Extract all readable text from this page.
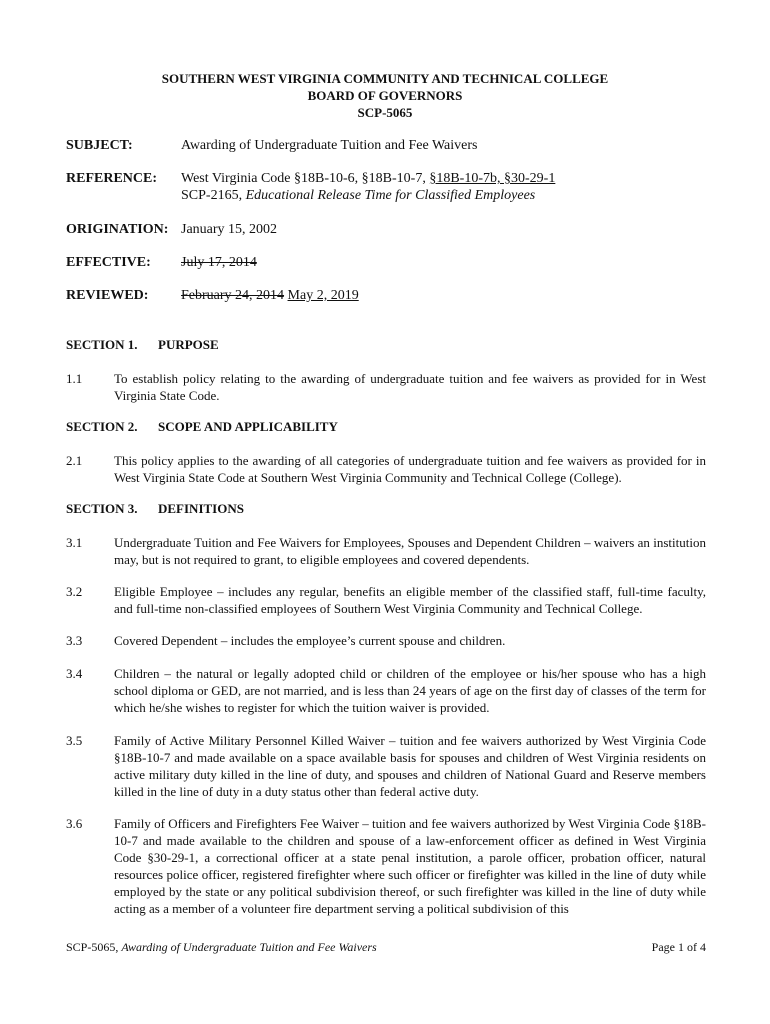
SOUTHERN WEST VIRGINIA COMMUNITY AND TECHNICAL COLLEGE
BOARD OF GOVERNORS
SCP-5065
SUBJECT:	Awarding of Undergraduate Tuition and Fee Waivers
REFERENCE:	West Virginia Code §18B-10-6, §18B-10-7, §18B-10-7b, §30-29-1
SCP-2165, Educational Release Time for Classified Employees
ORIGINATION: January 15, 2002
EFFECTIVE:	July 17, 2014
REVIEWED:	February 24, 2014 May 2, 2019
SECTION 1. PURPOSE
1.1 To establish policy relating to the awarding of undergraduate tuition and fee waivers as provided for in West Virginia State Code.
SECTION 2. SCOPE AND APPLICABILITY
2.1 This policy applies to the awarding of all categories of undergraduate tuition and fee waivers as provided for in West Virginia State Code at Southern West Virginia Community and Technical College (College).
SECTION 3. DEFINITIONS
3.1 Undergraduate Tuition and Fee Waivers for Employees, Spouses and Dependent Children – waivers an institution may, but is not required to grant, to eligible employees and covered dependents.
3.2 Eligible Employee – includes any regular, benefits an eligible member of the classified staff, full-time faculty, and full-time non-classified employees of Southern West Virginia Community and Technical College.
3.3 Covered Dependent – includes the employee’s current spouse and children.
3.4 Children – the natural or legally adopted child or children of the employee or his/her spouse who has a high school diploma or GED, are not married, and is less than 24 years of age on the first day of classes of the term for which he/she wishes to register for which the tuition waiver is provided.
3.5 Family of Active Military Personnel Killed Waiver – tuition and fee waivers authorized by West Virginia Code §18B-10-7 and made available on a space available basis for spouses and children of West Virginia residents on active military duty killed in the line of duty, and spouses and children of National Guard and Reserve members killed in the line of duty in a duty status other than federal active duty.
3.6 Family of Officers and Firefighters Fee Waiver – tuition and fee waivers authorized by West Virginia Code §18B-10-7 and made available to the children and spouse of a law-enforcement officer as defined in West Virginia Code §30-29-1, a correctional officer at a state penal institution, a parole officer, probation officer, natural resources police officer, registered firefighter where such officer or firefighter was killed in the line of duty while employed by the state or any political subdivision thereof, or such firefighter was killed in the line of duty while acting as a member of a volunteer fire department serving a political subdivision of this
SCP-5065, Awarding of Undergraduate Tuition and Fee Waivers	Page 1 of 4
